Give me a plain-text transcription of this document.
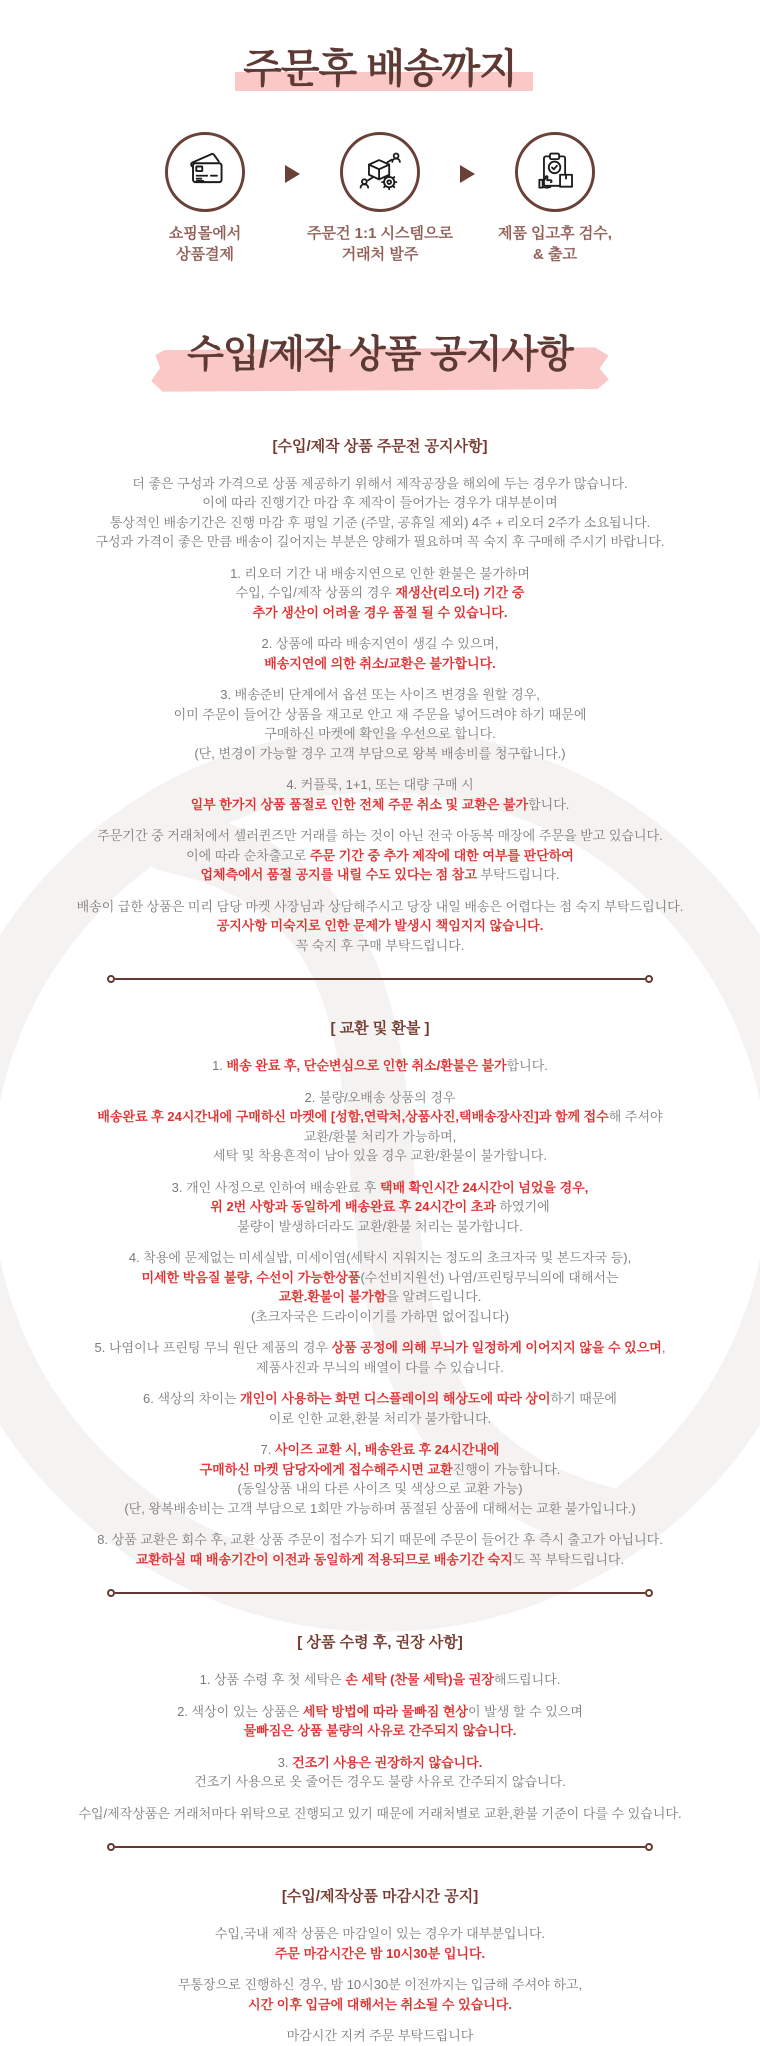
주문후 배송까지
쇼핑몰에서
상품결제
주문건 1:1 시스템으로
거래처 발주
제품 입고후 검수,
& 출고
수입/제작 상품 공지사항
[수입/제작 상품 주문전 공지사항]
더 좋은 구성과 가격으로 상품 제공하기 위해서 제작공장을 해외에 두는 경우가 많습니다.
이에 따라 진행기간 마감 후 제작이 들어가는 경우가 대부분이며
통상적인 배송기간은 진행 마감 후 평일 기준 (주말, 공휴일 제외) 4주 + 리오더 2주가 소요됩니다.
구성과 가격이 좋은 만큼 배송이 길어지는 부분은 양해가 필요하며 꼭 숙지 후 구매해 주시기 바랍니다.
1. 리오더 기간 내 배송지연으로 인한 환불은 불가하며
수입, 수입/제작 상품의 경우 재생산(리오더) 기간 중
추가 생산이 어려울 경우 품절 될 수 있습니다.
2. 상품에 따라 배송지연이 생길 수 있으며,
배송지연에 의한 취소/교환은 불가합니다.
3. 배송준비 단계에서 옵션 또는 사이즈 변경을 원할 경우,
이미 주문이 들어간 상품을 재고로 안고 재 주문을 넣어드려야 하기 때문에
구매하신 마켓에 확인을 우선으로 합니다.
(단, 변경이 가능할 경우 고객 부담으로 왕복 배송비를 청구합니다.)
4. 커플룩, 1+1, 또는 대량 구매 시
일부 한가지 상품 품절로 인한 전체 주문 취소 및 교환은 불가합니다.
주문기간 중 거래처에서 셀러퀸즈만 거래를 하는 것이 아닌 전국 아동복 매장에 주문을 받고 있습니다.
이에 따라 순차출고로 주문 기간 중 추가 제작에 대한 여부를 판단하여
업체측에서 품절 공지를 내릴 수도 있다는 점 참고 부탁드립니다.
배송이 급한 상품은 미리 담당 마켓 사장님과 상담해주시고 당장 내일 배송은 어렵다는 점 숙지 부탁드립니다.
공지사항 미숙지로 인한 문제가 발생시 책임지지 않습니다.
꼭 숙지 후 구매 부탁드립니다.
[ 교환 및 환불 ]
1. 배송 완료 후, 단순변심으로 인한 취소/환불은 불가합니다.
2. 불량/오배송 상품의 경우
배송완료 후 24시간내에 구매하신 마켓에 [성함,연락처,상품사진,택배송장사진]과 함께 접수해 주셔야
교환/환불 처리가 가능하며,
세탁 및 착용흔적이 남아 있을 경우 교환/환불이 불가합니다.
3. 개인 사정으로 인하여 배송완료 후 택배 확인시간 24시간이 넘었을 경우,
위 2번 사항과 동일하게 배송완료 후 24시간이 초과 하였기에
불량이 발생하더라도 교환/환불 처리는 불가합니다.
4. 착용에 문제없는 미세실밥, 미세이염(세탁시 지워지는 정도의 초크자국 및 본드자국 등),
미세한 박음질 불량, 수선이 가능한상품(수선비지원선) 나염/프린팅무늬의에 대해서는
교환.환불이 불가함을 알려드립니다.
(초크자국은 드라이이기를 가하면 없어집니다)
5. 나염이나 프린팅 무늬 원단 제품의 경우 상품 공정에 의해 무늬가 일정하게 이어지지 않을 수 있으며,
제품사진과 무늬의 배열이 다를 수 있습니다.
6. 색상의 차이는 개인이 사용하는 화면 디스플레이의 해상도에 따라 상이하기 때문에
이로 인한 교환,환불 처리가 불가합니다.
7. 사이즈 교환 시, 배송완료 후 24시간내에
구매하신 마켓 담당자에게 접수해주시면 교환진행이 가능합니다.
(동일상품 내의 다른 사이즈 및 색상으로 교환 가능)
(단, 왕복배송비는 고객 부담으로 1회만 가능하며 품절된 상품에 대해서는 교환 불가입니다.)
8. 상품 교환은 회수 후, 교환 상품 주문이 접수가 되기 때문에 주문이 들어간 후 즉시 출고가 아닙니다.
교환하실 때 배송기간이 이전과 동일하게 적용되므로 배송기간 숙지도 꼭 부탁드립니다.
[ 상품 수령 후, 권장 사항]
1. 상품 수령 후 첫 세탁은 손 세탁 (찬물 세탁)을 권장해드립니다.
2. 색상이 있는 상품은 세탁 방법에 따라 물빠짐 현상이 발생 할 수 있으며
물빠짐은 상품 불량의 사유로 간주되지 않습니다.
3. 건조기 사용은 권장하지 않습니다.
건조기 사용으로 옷 줄어든 경우도 불량 사유로 간주되지 않습니다.
수입/제작상품은 거래처마다 위탁으로 진행되고 있기 때문에 거래처별로 교환,환불 기준이 다를 수 있습니다.
[수입/제작상품 마감시간 공지]
수입,국내 제작 상품은 마감일이 있는 경우가 대부분입니다.
주문 마감시간은 밤 10시30분 입니다.
무통장으로 진행하신 경우, 밤 10시30분 이전까지는 입금해 주셔야 하고,
시간 이후 입금에 대해서는 취소될 수 있습니다.
마감시간 지켜 주문 부탁드립니다
